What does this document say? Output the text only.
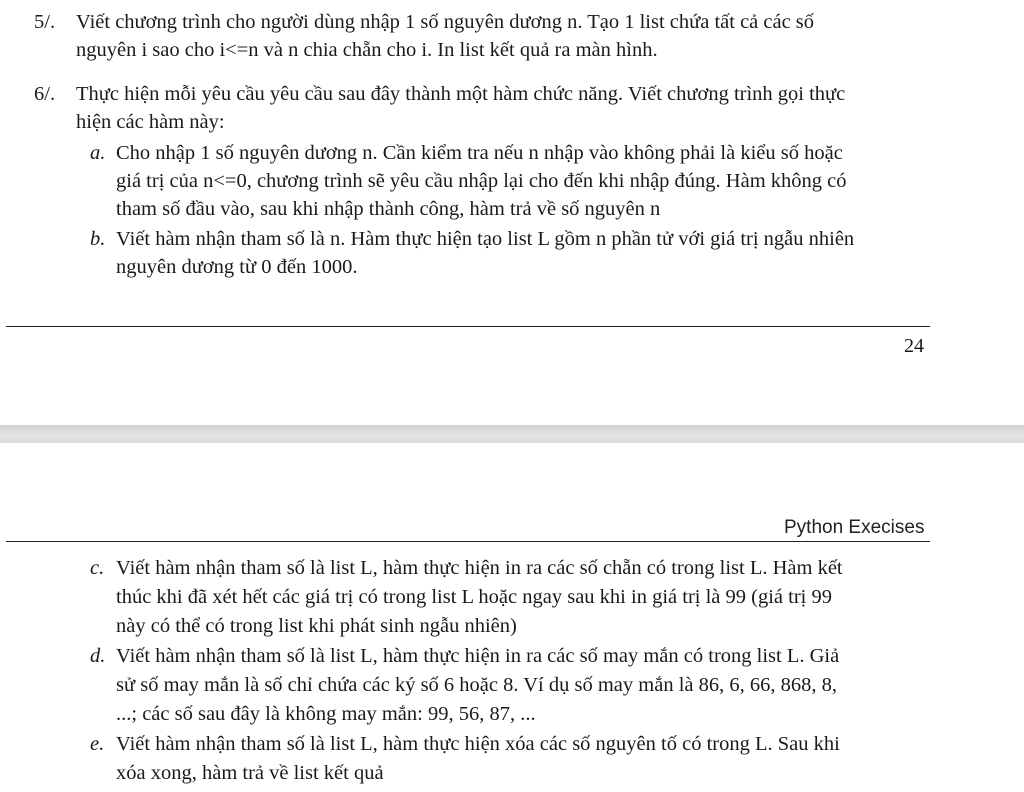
5/. Viết chương trình cho người dùng nhập 1 số nguyên dương n. Tạo 1 list chứa tất cả các số
nguyên i sao cho i<=n và n chia chẵn cho i. In list kết quả ra màn hình.
6/. Thực hiện mỗi yêu cầu yêu cầu sau đây thành một hàm chức năng. Viết chương trình gọi thực
hiện các hàm này:
a. Cho nhập 1 số nguyên dương n. Cần kiểm tra nếu n nhập vào không phải là kiểu số hoặc
giá trị của n<=0, chương trình sẽ yêu cầu nhập lại cho đến khi nhập đúng. Hàm không có
tham số đầu vào, sau khi nhập thành công, hàm trả về số nguyên n
b. Viết hàm nhận tham số là n. Hàm thực hiện tạo list L gồm n phần tử với giá trị ngẫu nhiên
nguyên dương từ 0 đến 1000.
24
Python Execises
c. Viết hàm nhận tham số là list L, hàm thực hiện in ra các số chẵn có trong list L. Hàm kết
thúc khi đã xét hết các giá trị có trong list L hoặc ngay sau khi in giá trị là 99 (giá trị 99
này có thể có trong list khi phát sinh ngẫu nhiên)
d. Viết hàm nhận tham số là list L, hàm thực hiện in ra các số may mắn có trong list L. Giả
sử số may mắn là số chỉ chứa các ký số 6 hoặc 8. Ví dụ số may mắn là 86, 6, 66, 868, 8,
...; các số sau đây là không may mắn: 99, 56, 87, ...
e. Viết hàm nhận tham số là list L, hàm thực hiện xóa các số nguyên tố có trong L. Sau khi
xóa xong, hàm trả về list kết quả
